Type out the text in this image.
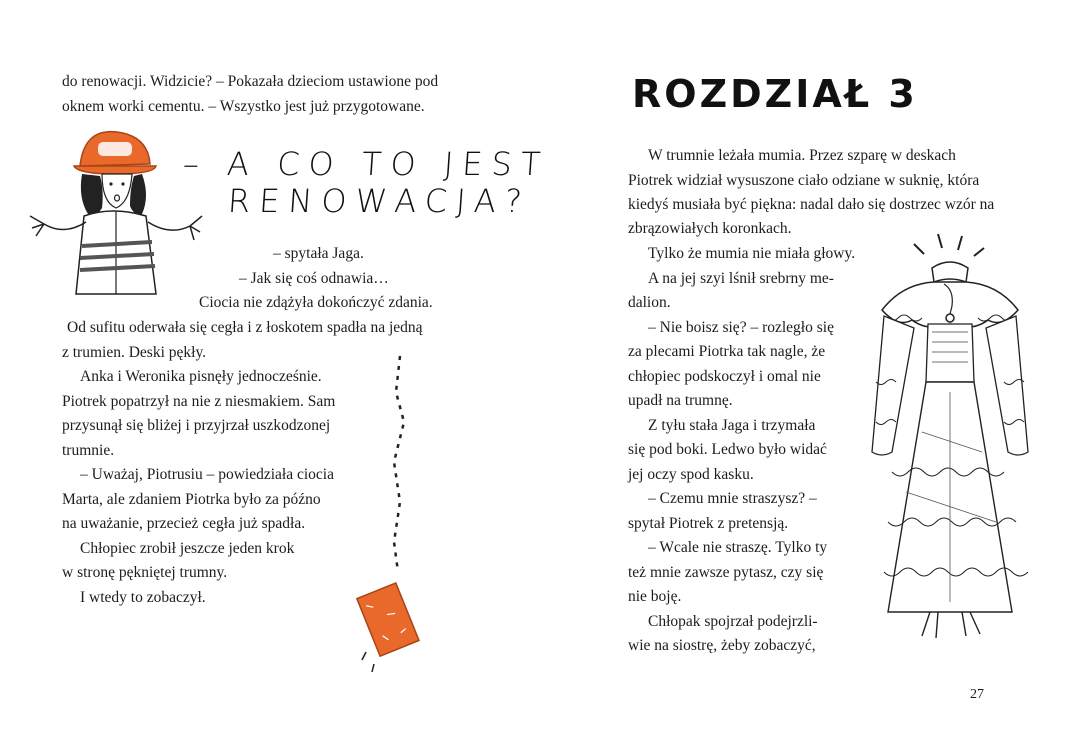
do renowacji. Widzicie? – Pokazała dzieciom ustawione pod
oknem worki cementu. – Wszystko jest już przygotowane.
– A CO TO JEST
RENOWACJA?
– spytała Jaga.
– Jak się coś odnawia…
Ciocia nie zdążyła dokończyć zdania.
Od sufitu oderwała się cegła i z łoskotem spadła na jedną
z trumien. Deski pękły.
Anka i Weronika pisnęły jednocześnie.
Piotrek popatrzył na nie z niesmakiem. Sam
przysunął się bliżej i przyjrzał uszkodzonej
trumnie.
– Uważaj, Piotrusiu – powiedziała ciocia
Marta, ale zdaniem Piotrka było za późno
na uważanie, przecież cegła już spadła.
Chłopiec zrobił jeszcze jeden krok
w stronę pękniętej trumny.
I wtedy to zobaczył.
ROZDZIAŁ 3
W trumnie leżała mumia. Przez szparę w deskach
Piotrek widział wysuszone ciało odziane w suknię, która
kiedyś musiała być piękna: nadal dało się dostrzec wzór na
zbrązowiałych koronkach.
Tylko że mumia nie miała głowy.
A na jej szyi lśnił srebrny me-
dalion.
– Nie boisz się? – rozległo się
za plecami Piotrka tak nagle, że
chłopiec podskoczył i omal nie
upadł na trumnę.
Z tyłu stała Jaga i trzymała
się pod boki. Ledwo było widać
jej oczy spod kasku.
– Czemu mnie straszysz? –
spytał Piotrek z pretensją.
– Wcale nie straszę. Tylko ty
też mnie zawsze pytasz, czy się
nie boję.
Chłopak spojrzał podejrzli-
wie na siostrę, żeby zobaczyć,
27
